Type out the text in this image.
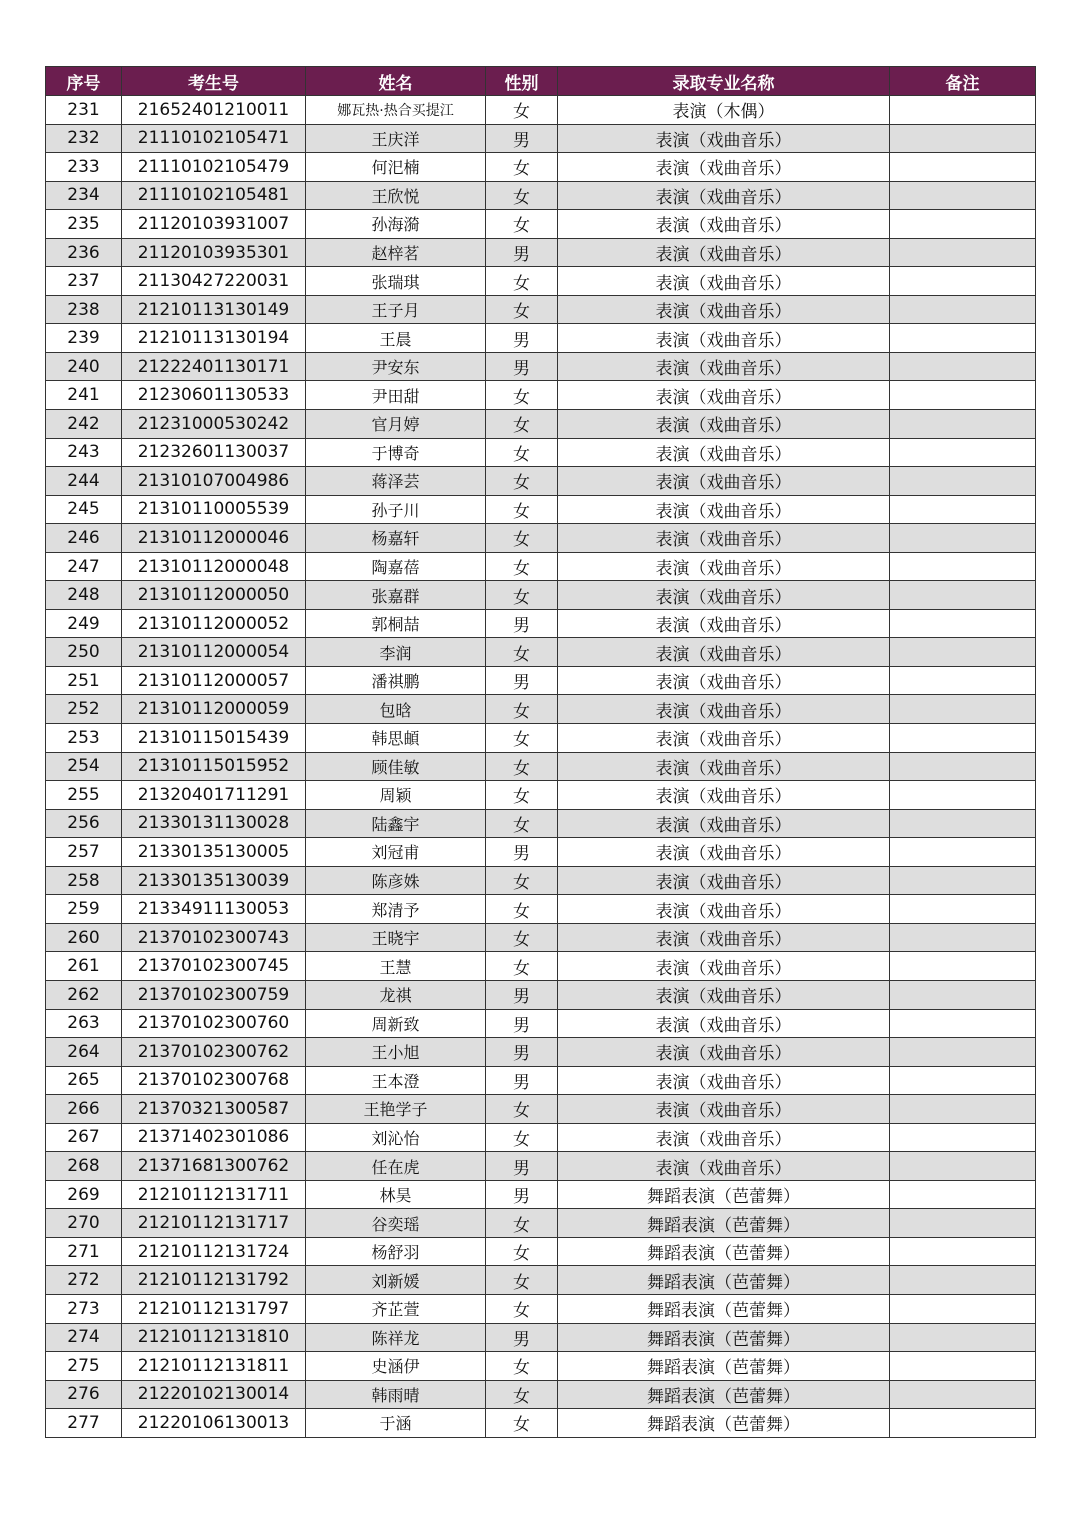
序号	考生号	姓名	性别	录取专业名称	备注
231	21652401210011	娜瓦热·热合买提江	女	表演（木偶）	
232	21110102105471	王庆洋	男	表演（戏曲音乐）	
233	21110102105479	何汜楠	女	表演（戏曲音乐）	
234	21110102105481	王欣悦	女	表演（戏曲音乐）	
235	21120103931007	孙海漪	女	表演（戏曲音乐）	
236	21120103935301	赵梓茗	男	表演（戏曲音乐）	
237	21130427220031	张瑞琪	女	表演（戏曲音乐）	
238	21210113130149	王子月	女	表演（戏曲音乐）	
239	21210113130194	王晨	男	表演（戏曲音乐）	
240	21222401130171	尹安东	男	表演（戏曲音乐）	
241	21230601130533	尹田甜	女	表演（戏曲音乐）	
242	21231000530242	官月婷	女	表演（戏曲音乐）	
243	21232601130037	于博奇	女	表演（戏曲音乐）	
244	21310107004986	蒋泽芸	女	表演（戏曲音乐）	
245	21310110005539	孙子川	女	表演（戏曲音乐）	
246	21310112000046	杨嘉轩	女	表演（戏曲音乐）	
247	21310112000048	陶嘉蓓	女	表演（戏曲音乐）	
248	21310112000050	张嘉群	女	表演（戏曲音乐）	
249	21310112000052	郭桐喆	男	表演（戏曲音乐）	
250	21310112000054	李润	女	表演（戏曲音乐）	
251	21310112000057	潘祺鹏	男	表演（戏曲音乐）	
252	21310112000059	包晗	女	表演（戏曲音乐）	
253	21310115015439	韩思頔	女	表演（戏曲音乐）	
254	21310115015952	顾佳敏	女	表演（戏曲音乐）	
255	21320401711291	周颖	女	表演（戏曲音乐）	
256	21330131130028	陆鑫宇	女	表演（戏曲音乐）	
257	21330135130005	刘冠甫	男	表演（戏曲音乐）	
258	21330135130039	陈彦姝	女	表演（戏曲音乐）	
259	21334911130053	郑清予	女	表演（戏曲音乐）	
260	21370102300743	王晓宇	女	表演（戏曲音乐）	
261	21370102300745	王慧	女	表演（戏曲音乐）	
262	21370102300759	龙祺	男	表演（戏曲音乐）	
263	21370102300760	周新致	男	表演（戏曲音乐）	
264	21370102300762	王小旭	男	表演（戏曲音乐）	
265	21370102300768	王本澄	男	表演（戏曲音乐）	
266	21370321300587	王艳学子	女	表演（戏曲音乐）	
267	21371402301086	刘沁怡	女	表演（戏曲音乐）	
268	21371681300762	任在虎	男	表演（戏曲音乐）	
269	21210112131711	林昊	男	舞蹈表演（芭蕾舞）	
270	21210112131717	谷奕瑶	女	舞蹈表演（芭蕾舞）	
271	21210112131724	杨舒羽	女	舞蹈表演（芭蕾舞）	
272	21210112131792	刘新媛	女	舞蹈表演（芭蕾舞）	
273	21210112131797	齐芷萱	女	舞蹈表演（芭蕾舞）	
274	21210112131810	陈祥龙	男	舞蹈表演（芭蕾舞）	
275	21210112131811	史涵伊	女	舞蹈表演（芭蕾舞）	
276	21220102130014	韩雨晴	女	舞蹈表演（芭蕾舞）	
277	21220106130013	于涵	女	舞蹈表演（芭蕾舞）	
